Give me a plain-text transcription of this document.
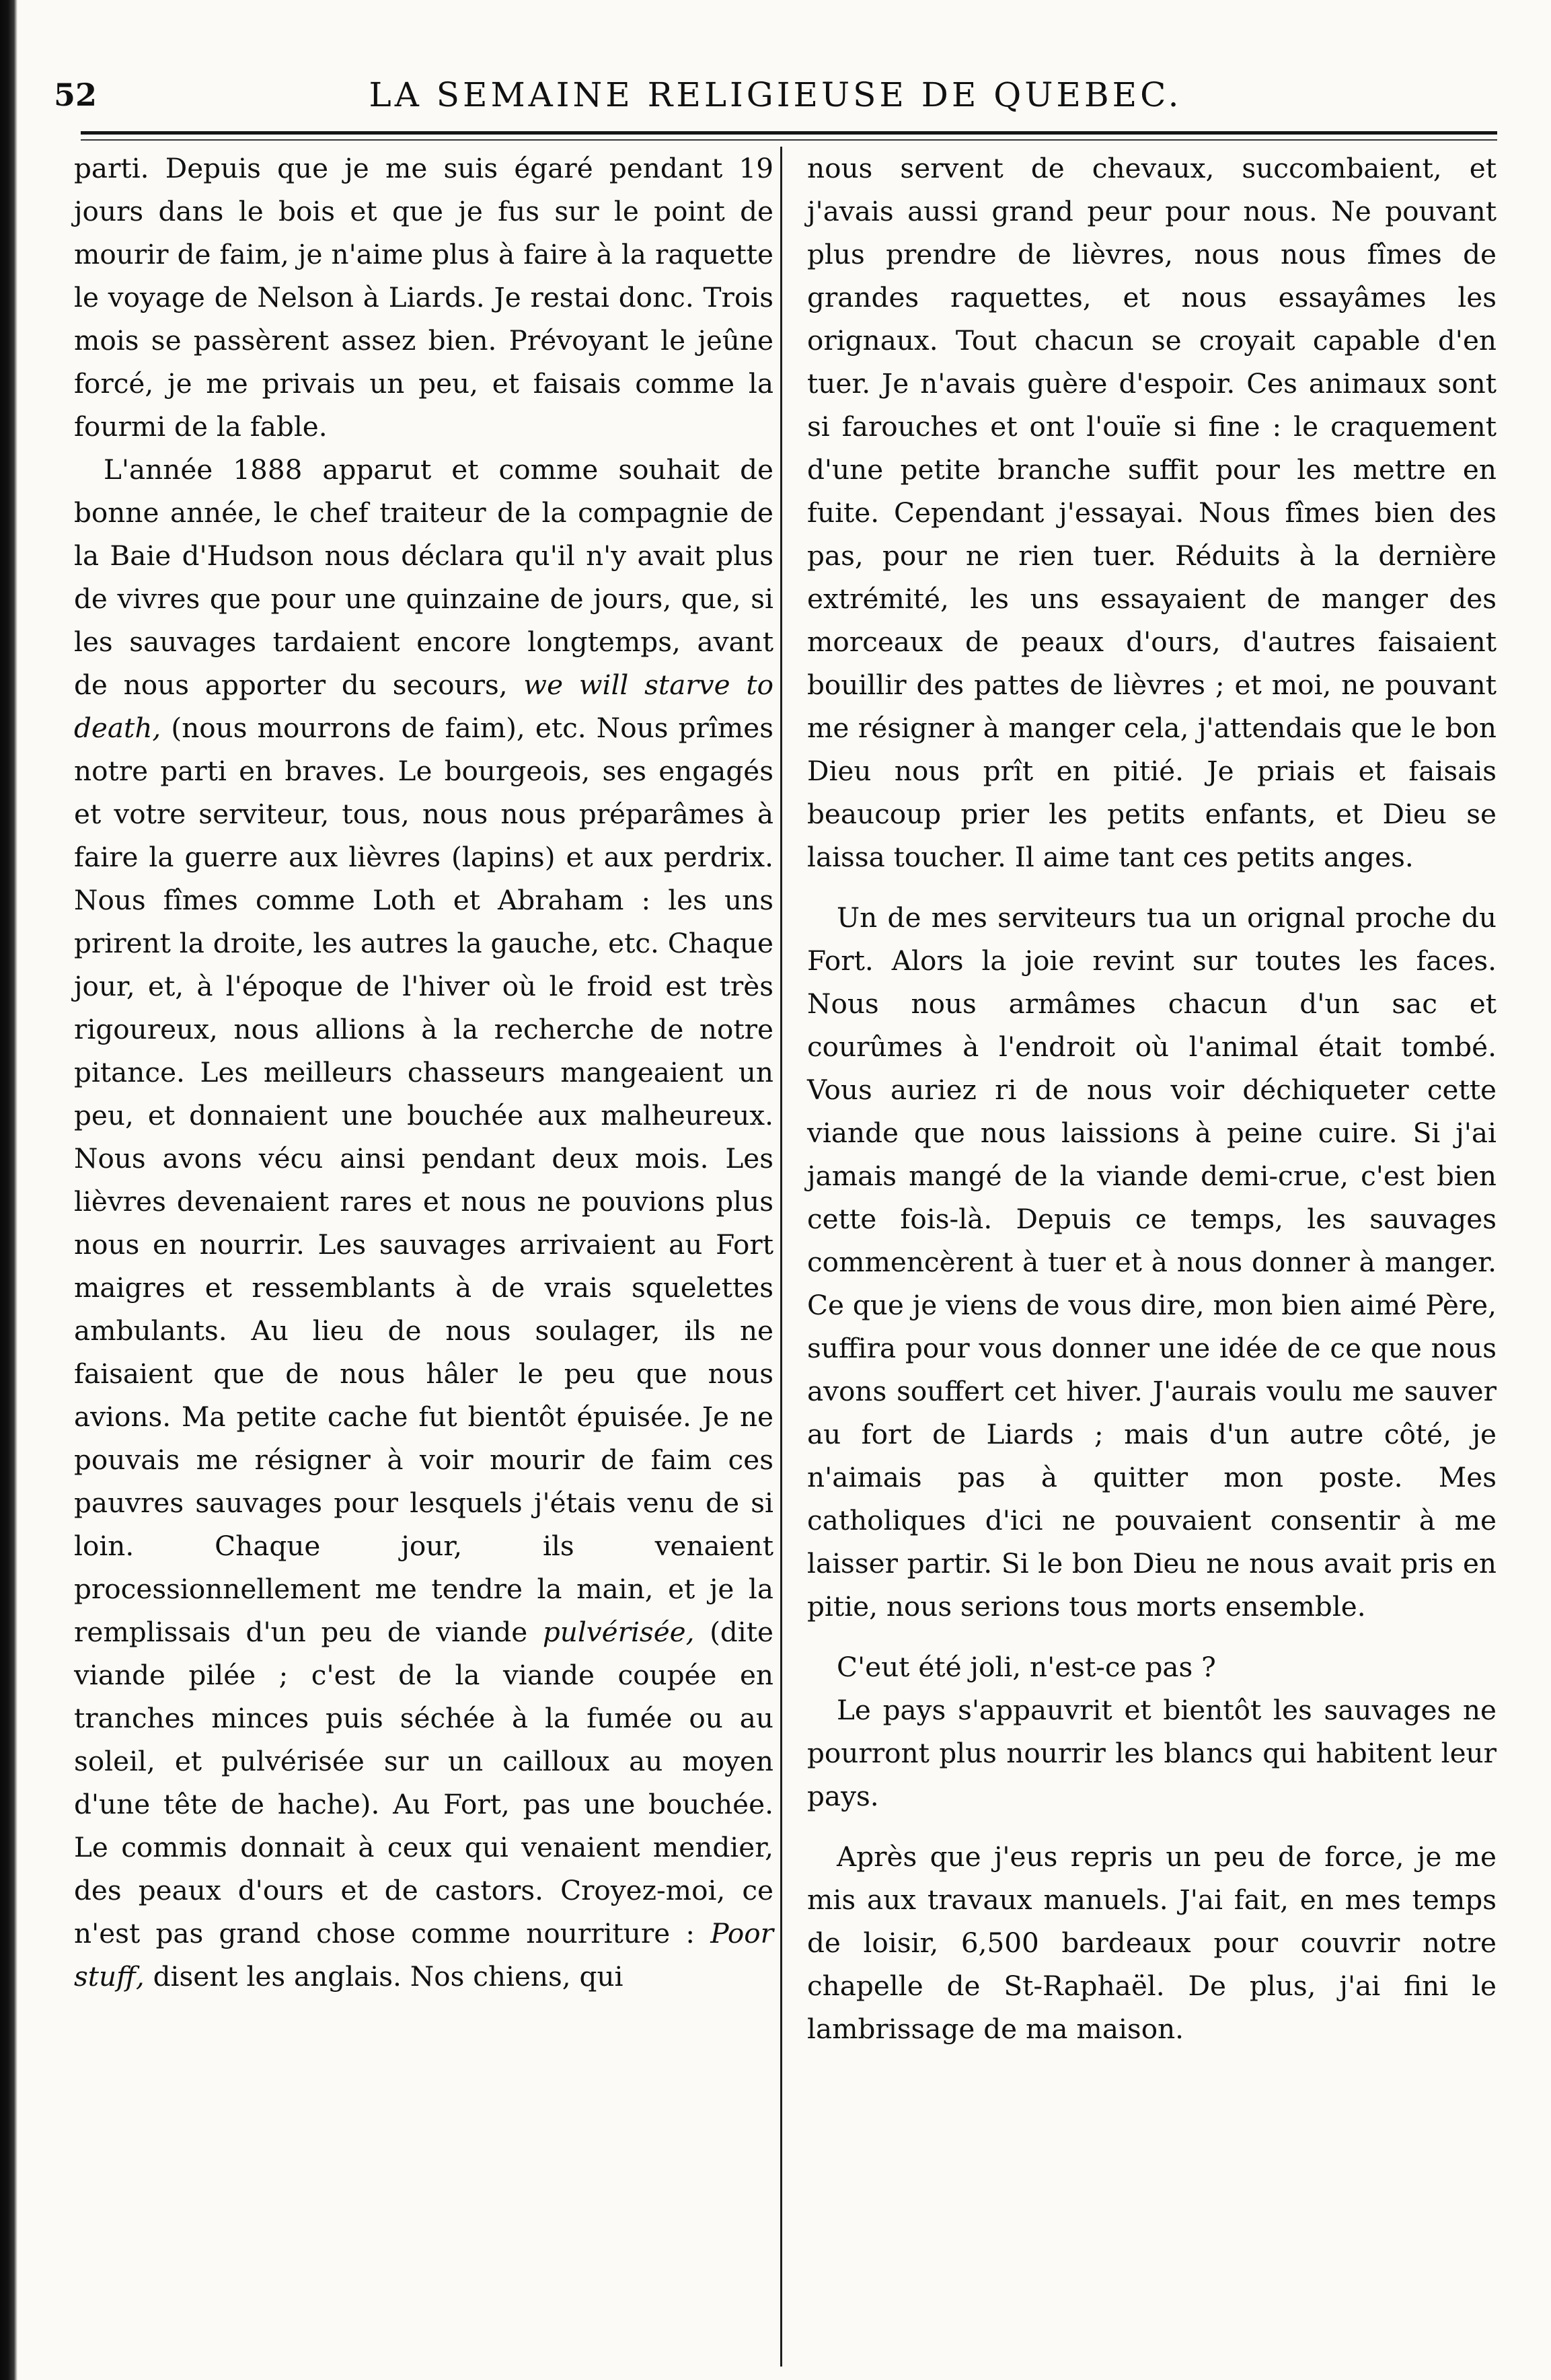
52	LA SEMAINE RELIGIEUSE DE QUEBEC.

parti. Depuis que je me suis égaré pendant 19 jours dans le bois et que je fus sur le point de mourir de faim, je n'aime plus à faire à la raquette le voyage de Nelson à Liards. Je restai donc. Trois mois se passèrent assez bien. Prévoyant le jeûne forcé, je me privais un peu, et faisais comme la fourmi de la fable.

L'année 1888 apparut et comme souhait de bonne année, le chef traiteur de la compagnie de la Baie d'Hudson nous déclara qu'il n'y avait plus de vivres que pour une quinzaine de jours, que, si les sauvages tardaient encore longtemps, avant de nous apporter du secours, we will starve to death, (nous mourrons de faim), etc. Nous prîmes notre parti en braves. Le bourgeois, ses engagés et votre serviteur, tous, nous nous préparâmes à faire la guerre aux lièvres (lapins) et aux perdrix. Nous fîmes comme Loth et Abraham : les uns prirent la droite, les autres la gauche, etc. Chaque jour, et, à l'époque de l'hiver où le froid est très rigoureux, nous allions à la recherche de notre pitance. Les meilleurs chasseurs mangeaient un peu, et donnaient une bouchée aux malheureux. Nous avons vécu ainsi pendant deux mois. Les lièvres devenaient rares et nous ne pouvions plus nous en nourrir. Les sauvages arrivaient au Fort maigres et ressemblants à de vrais squelettes ambulants. Au lieu de nous soulager, ils ne faisaient que de nous hâler le peu que nous avions. Ma petite cache fut bientôt épuisée. Je ne pouvais me résigner à voir mourir de faim ces pauvres sauvages pour lesquels j'étais venu de si loin. Chaque jour, ils venaient processionnellement me tendre la main, et je la remplissais d'un peu de viande pulvérisée, (dite viande pilée ; c'est de la viande coupée en tranches minces puis séchée à la fumée ou au soleil, et pulvérisée sur un cailloux au moyen d'une tête de hache). Au Fort, pas une bouchée. Le commis donnait à ceux qui venaient mendier, des peaux d'ours et de castors. Croyez-moi, ce n'est pas grand chose comme nourriture : Poor stuff, disent les anglais. Nos chiens, qui

nous servent de chevaux, succombaient, et j'avais aussi grand peur pour nous. Ne pouvant plus prendre de lièvres, nous nous fîmes de grandes raquettes, et nous essayâmes les orignaux. Tout chacun se croyait capable d'en tuer. Je n'avais guère d'espoir. Ces animaux sont si farouches et ont l'ouïe si fine : le craquement d'une petite branche suffit pour les mettre en fuite. Cependant j'essayai. Nous fîmes bien des pas, pour ne rien tuer. Réduits à la dernière extrémité, les uns essayaient de manger des morceaux de peaux d'ours, d'autres faisaient bouillir des pattes de lièvres ; et moi, ne pouvant me résigner à manger cela, j'attendais que le bon Dieu nous prît en pitié. Je priais et faisais beaucoup prier les petits enfants, et Dieu se laissa toucher. Il aime tant ces petits anges.

Un de mes serviteurs tua un orignal proche du Fort. Alors la joie revint sur toutes les faces. Nous nous armâmes chacun d'un sac et courûmes à l'endroit où l'animal était tombé. Vous auriez ri de nous voir déchiqueter cette viande que nous laissions à peine cuire. Si j'ai jamais mangé de la viande demi-crue, c'est bien cette fois-là. Depuis ce temps, les sauvages commencèrent à tuer et à nous donner à manger. Ce que je viens de vous dire, mon bien aimé Père, suffira pour vous donner une idée de ce que nous avons souffert cet hiver. J'aurais voulu me sauver au fort de Liards ; mais d'un autre côté, je n'aimais pas à quitter mon poste. Mes catholiques d'ici ne pouvaient consentir à me laisser partir. Si le bon Dieu ne nous avait pris en pitie, nous serions tous morts ensemble.

C'eut été joli, n'est-ce pas ?

Le pays s'appauvrit et bientôt les sauvages ne pourront plus nourrir les blancs qui habitent leur pays.

Après que j'eus repris un peu de force, je me mis aux travaux manuels. J'ai fait, en mes temps de loisir, 6,500 bardeaux pour couvrir notre chapelle de St-Raphaël. De plus, j'ai fini le lambrissage de ma maison.
